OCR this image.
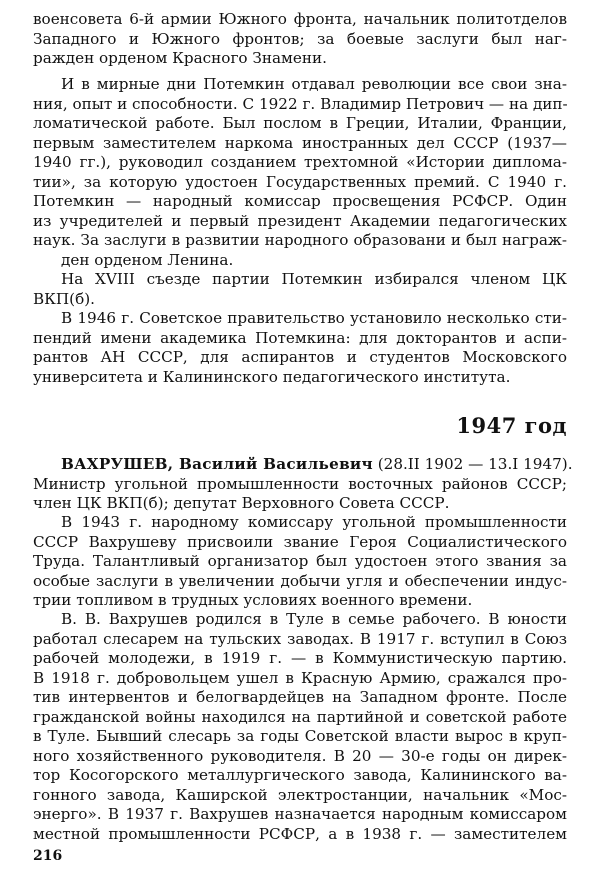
военсовета 6-й армии Южного фронта, начальник политотделов
Западного и Южного фронтов; за боевые заслуги был наг-
ражден орденом Красного Знамени.
И в мирные дни Потемкин отдавал революции все свои зна-
ния, опыт и способности. С 1922 г. Владимир Петрович — на дип-
ломатической работе. Был послом в Греции, Италии, Франции,
первым заместителем наркома иностранных дел СССР (1937—
1940 гг.), руководил созданием трехтомной «Истории диплома-
тии», за которую удостоен Государственных премий. С 1940 г.
Потемкин — народный комиссар просвещения РСФСР. Один
из учредителей и первый президент Академии педагогических
наук. За заслуги в развитии народного образовани и был награж-
ден орденом Ленина.
На XVIII съезде партии Потемкин избирался членом ЦК
ВКП(б).
В 1946 г. Советское правительство установило несколько сти-
пендий имени академика Потемкина: для докторантов и аспи-
рантов АН СССР, для аспирантов и студентов Московского
университета и Калининского педагогического института.
1947 год
ВАХРУШЕВ, Василий Васильевич (28.II 1902 — 13.I 1947).
Министр угольной промышленности восточных районов СССР;
член ЦК ВКП(б); депутат Верховного Совета СССР.
В 1943 г. народному комиссару угольной промышленности
СССР Вахрушеву присвоили звание Героя Социалистического
Труда. Талантливый организатор был удостоен этого звания за
особые заслуги в увеличении добычи угля и обеспечении индус-
трии топливом в трудных условиях военного времени.
В. В. Вахрушев родился в Туле в семье рабочего. В юности
работал слесарем на тульских заводах. В 1917 г. вступил в Союз
рабочей молодежи, в 1919 г. — в Коммунистическую партию.
В 1918 г. добровольцем ушел в Красную Армию, сражался про-
тив интервентов и белогвардейцев на Западном фронте. После
гражданской войны находился на партийной и советской работе
в Туле. Бывший слесарь за годы Советской власти вырос в круп-
ного хозяйственного руководителя. В 20 — 30-е годы он дирек-
тор Косогорского металлургического завода, Калининского ва-
гонного завода, Каширской электростанции, начальник «Мос-
энерго». В 1937 г. Вахрушев назначается народным комиссаром
местной промышленности РСФСР, а в 1938 г. — заместителем
216
